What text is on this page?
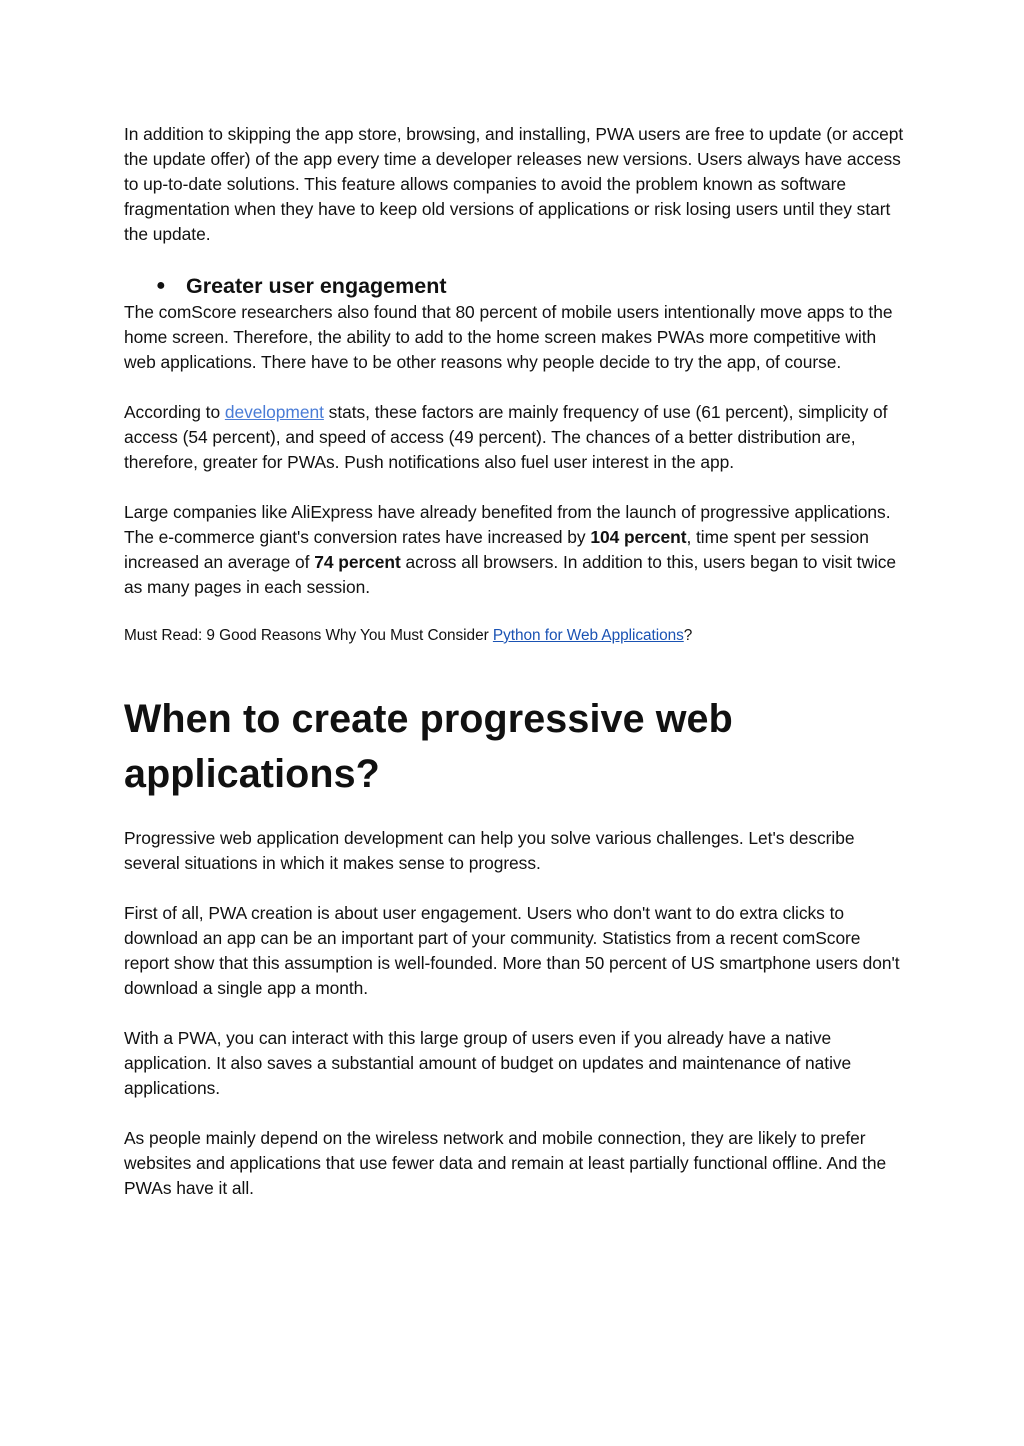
In addition to skipping the app store, browsing, and installing, PWA users are free to update (or accept the update offer) of the app every time a developer releases new versions. Users always have access to up-to-date solutions. This feature allows companies to avoid the problem known as software fragmentation when they have to keep old versions of applications or risk losing users until they start the update.

● Greater user engagement

The comScore researchers also found that 80 percent of mobile users intentionally move apps to the home screen. Therefore, the ability to add to the home screen makes PWAs more competitive with web applications. There have to be other reasons why people decide to try the app, of course.

According to development stats, these factors are mainly frequency of use (61 percent), simplicity of access (54 percent), and speed of access (49 percent). The chances of a better distribution are, therefore, greater for PWAs. Push notifications also fuel user interest in the app.

Large companies like AliExpress have already benefited from the launch of progressive applications. The e-commerce giant's conversion rates have increased by 104 percent, time spent per session increased an average of 74 percent across all browsers. In addition to this, users began to visit twice as many pages in each session.

Must Read: 9 Good Reasons Why You Must Consider Python for Web Applications?

When to create progressive web applications?

Progressive web application development can help you solve various challenges. Let's describe several situations in which it makes sense to progress.

First of all, PWA creation is about user engagement. Users who don't want to do extra clicks to download an app can be an important part of your community. Statistics from a recent comScore report show that this assumption is well-founded. More than 50 percent of US smartphone users don't download a single app a month.

With a PWA, you can interact with this large group of users even if you already have a native application. It also saves a substantial amount of budget on updates and maintenance of native applications.

As people mainly depend on the wireless network and mobile connection, they are likely to prefer websites and applications that use fewer data and remain at least partially functional offline. And the PWAs have it all.
